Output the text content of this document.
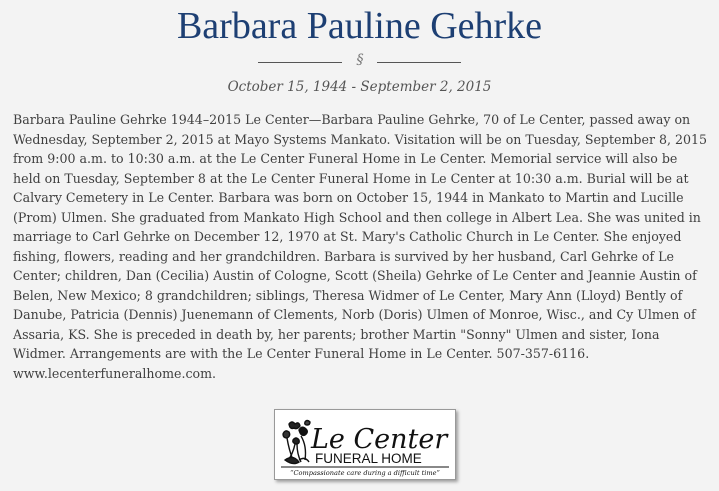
Barbara Pauline Gehrke
§
October 15, 1944 - September 2, 2015

Barbara Pauline Gehrke 1944–2015 Le Center—Barbara Pauline Gehrke, 70 of Le Center, passed away on Wednesday, September 2, 2015 at Mayo Systems Mankato. Visitation will be on Tuesday, September 8, 2015 from 9:00 a.m. to 10:30 a.m. at the Le Center Funeral Home in Le Center. Memorial service will also be held on Tuesday, September 8 at the Le Center Funeral Home in Le Center at 10:30 a.m. Burial will be at Calvary Cemetery in Le Center. Barbara was born on October 15, 1944 in Mankato to Martin and Lucille (Prom) Ulmen. She graduated from Mankato High School and then college in Albert Lea. She was united in marriage to Carl Gehrke on December 12, 1970 at St. Mary's Catholic Church in Le Center. She enjoyed fishing, flowers, reading and her grandchildren. Barbara is survived by her husband, Carl Gehrke of Le Center; children, Dan (Cecilia) Austin of Cologne, Scott (Sheila) Gehrke of Le Center and Jeannie Austin of Belen, New Mexico; 8 grandchildren; siblings, Theresa Widmer of Le Center, Mary Ann (Lloyd) Bently of Danube, Patricia (Dennis) Juenemann of Clements, Norb (Doris) Ulmen of Monroe, Wisc., and Cy Ulmen of Assaria, KS. She is preceded in death by, her parents; brother Martin "Sonny" Ulmen and sister, Iona Widmer. Arrangements are with the Le Center Funeral Home in Le Center. 507-357-6116. www.lecenterfuneralhome.com.

Le Center
FUNERAL HOME
“Compassionate care during a difficult time”
